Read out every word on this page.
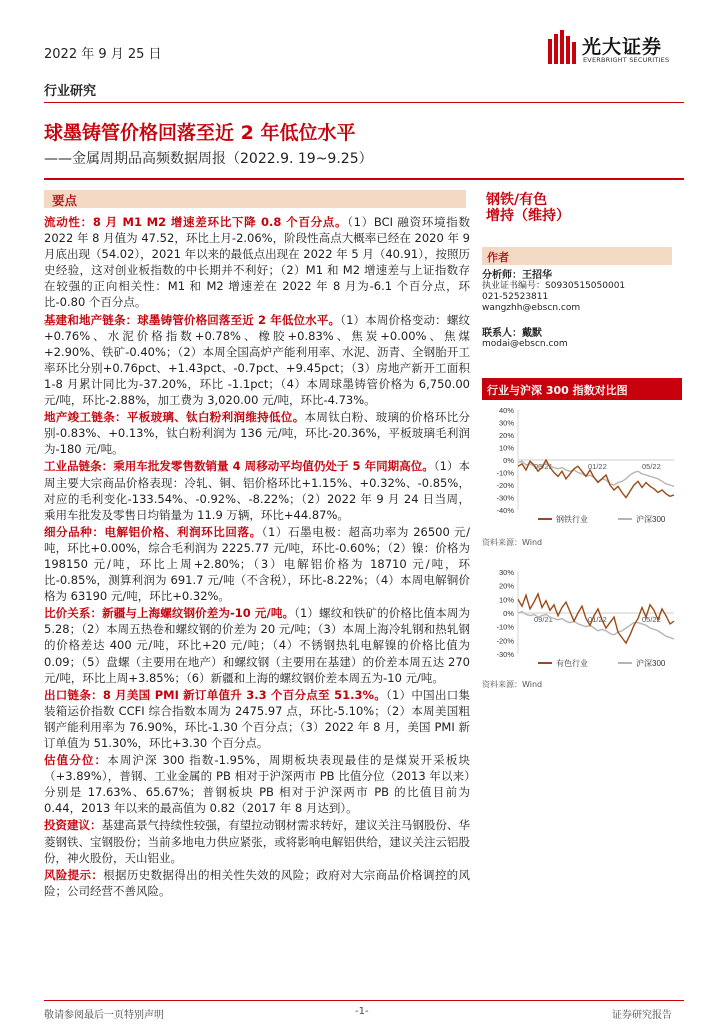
2022 年 9 月 25 日	光大证券
EVERBRIGHT SECURITIES
行业研究
球墨铸管价格回落至近 2 年低位水平
——金属周期品高频数据周报（2022.9. 19~9.25）
要点

流动性：8 月 M1 M2 增速差环比下降 0.8 个百分点。（1）BCI 融资环境指数 2022 年 8 月值为 47.52，环比上月-2.06%，阶段性高点大概率已经在 2020 年 9 月底出现（54.02），2021 年以来的最低点出现在 2022 年 5 月（40.91），按照历史经验，这对创业板指数的中长期并不利好；（2）M1 和 M2 增速差与上证指数存在较强的正向相关性：M1 和 M2 增速差在 2022 年 8 月为-6.1 个百分点，环比-0.80 个百分点。

基建和地产链条：球墨铸管价格回落至近 2 年低位水平。（1）本周价格变动：螺纹+0.76%、水泥价格指数+0.78%、橡胶+0.83%、焦炭+0.00%、焦煤+2.90%、铁矿-0.40%；（2）本周全国高炉产能利用率、水泥、沥青、全钢胎开工率环比分别+0.76pct、+1.43pct、-0.7pct、+9.45pct；（3）房地产新开工面积 1-8 月累计同比为-37.20%，环比 -1.1pct；（4）本周球墨铸管价格为 6,750.00 元/吨，环比-2.88%，加工费为 3,020.00 元/吨，环比-4.73%。

地产竣工链条：平板玻璃、钛白粉利润维持低位。本周钛白粉、玻璃的价格环比分别-0.83%、+0.13%，钛白粉利润为 136 元/吨，环比-20.36%，平板玻璃毛利润为-180 元/吨。

工业品链条：乘用车批发零售数销量 4 周移动平均值仍处于 5 年同期高位。（1）本周主要大宗商品价格表现：冷轧、铜、铝价格环比+1.15%、+0.32%、-0.85%，对应的毛利变化-133.54%、-0.92%、-8.22%；（2）2022 年 9 月 24 日当周，乘用车批发及零售日均销量为 11.9 万辆，环比+44.87%。

细分品种：电解铝价格、利润环比回落。（1）石墨电极：超高功率为 26500 元/吨，环比+0.00%，综合毛利润为 2225.77 元/吨，环比-0.60%；（2）镍：价格为 198150 元/吨，环比上周+2.80%；（3）电解铝价格为 18710 元/吨，环比-0.85%，测算利润为 691.7 元/吨（不含税），环比-8.22%；（4）本周电解铜价格为 63190 元/吨，环比+0.32%。

比价关系：新疆与上海螺纹钢价差为-10 元/吨。（1）螺纹和铁矿的价格比值本周为 5.28；（2）本周五热卷和螺纹钢的价差为 20 元/吨；（3）本周上海冷轧钢和热轧钢的价格差达 400 元/吨，环比+20 元/吨；（4）不锈钢热轧电解镍的价格比值为 0.09；（5）盘螺（主要用在地产）和螺纹钢（主要用在基建）的价差本周五达 270 元/吨，环比上周+3.85%；（6）新疆和上海的螺纹钢价差本周五为-10 元/吨。

出口链条：8 月美国 PMI 新订单值升 3.3 个百分点至 51.3%。（1）中国出口集装箱运价指数 CCFI 综合指数本周为 2475.97 点，环比-5.10%；（2）本周美国粗钢产能利用率为 76.90%，环比-1.30 个百分点；（3）2022 年 8 月，美国 PMI 新订单值为 51.30%，环比+3.30 个百分点。

估值分位：本周沪深 300 指数-1.95%，周期板块表现最佳的是煤炭开采板块（+3.89%），普钢、工业金属的 PB 相对于沪深两市 PB 比值分位（2013 年以来）分别是 17.63%、65.67%；普钢板块 PB 相对于沪深两市 PB 的比值目前为 0.44，2013 年以来的最高值为 0.82（2017 年 8 月达到）。

投资建议：基建高景气持续性较强，有望拉动钢材需求转好，建议关注马钢股份、华菱钢铁、宝钢股份；当前多地电力供应紧张，或将影响电解铝供给，建议关注云铝股份，神火股份，天山铝业。

风险提示：根据历史数据得出的相关性失效的风险；政府对大宗商品价格调控的风险；公司经营不善风险。

钢铁/有色
增持（维持）
作者
分析师：王招华
执业证书编号：S0930515050001
021-52523811
wangzhh@ebscn.com
联系人：戴默
modai@ebscn.com
行业与沪深 300 指数对比图
40%
30%
20%
10%
0%
-10%
-20%
-30%
-40%
09/21	01/22	05/22
钢铁行业	沪深300
资料来源：Wind
30%
20%
10%
0%
-10%
-20%
-30%
09/21	01/22	05/22
有色行业	沪深300
资料来源：Wind
敬请参阅最后一页特别声明	-1-	证券研究报告
